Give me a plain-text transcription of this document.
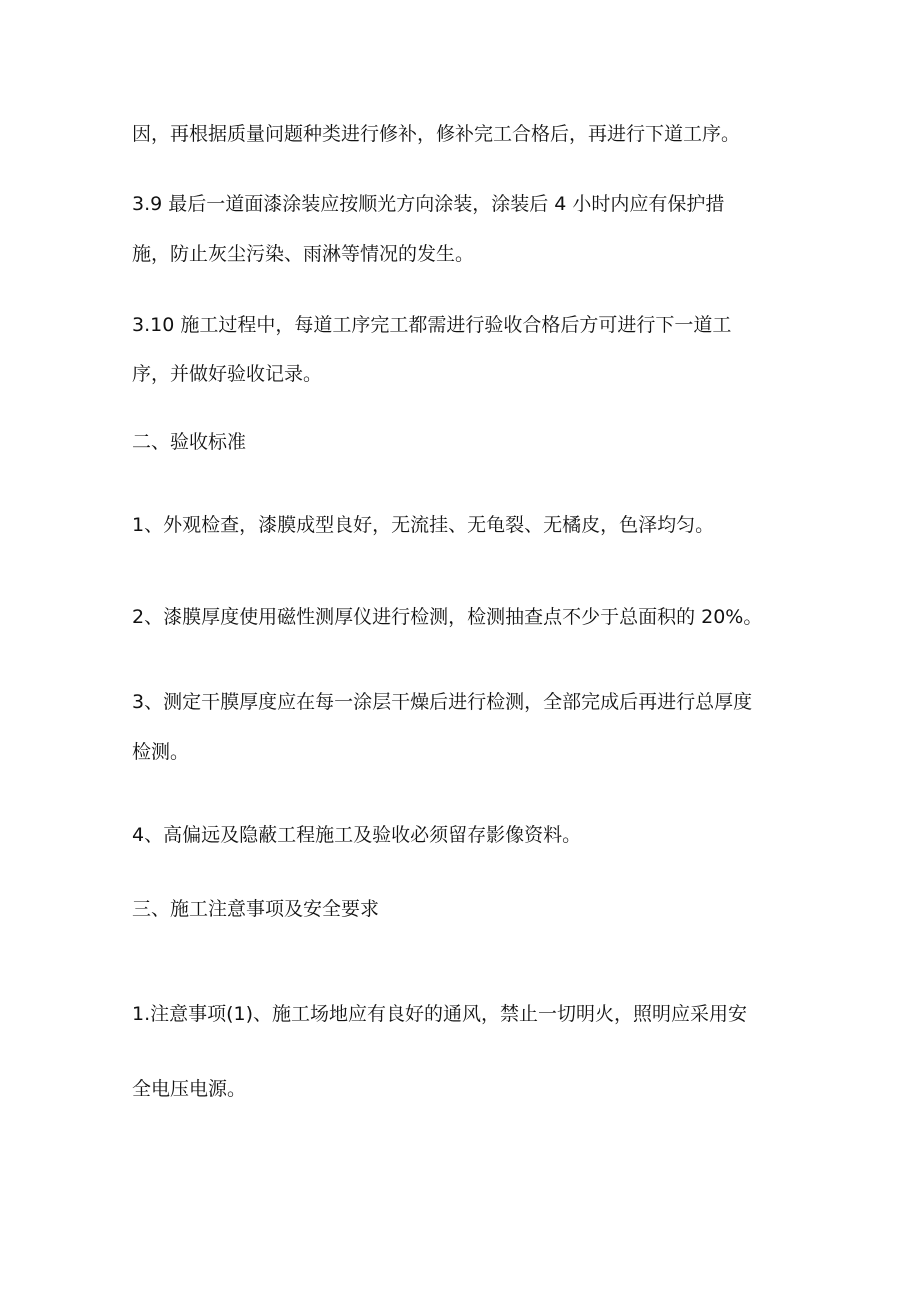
因，再根据质量问题种类进行修补，修补完工合格后，再进行下道工序。
3.9 最后一道面漆涂装应按顺光方向涂装，涂装后 4 小时内应有保护措
施，防止灰尘污染、雨淋等情况的发生。
3.10 施工过程中，每道工序完工都需进行验收合格后方可进行下一道工
序，并做好验收记录。
二、验收标准
1、外观检查，漆膜成型良好，无流挂、无龟裂、无橘皮，色泽均匀。
2、漆膜厚度使用磁性测厚仪进行检测，检测抽查点不少于总面积的 20%。
3、测定干膜厚度应在每一涂层干燥后进行检测，全部完成后再进行总厚度
检测。
4、高偏远及隐蔽工程施工及验收必须留存影像资料。
三、施工注意事项及安全要求
1.注意事项(1)、施工场地应有良好的通风，禁止一切明火，照明应采用安
全电压电源。
